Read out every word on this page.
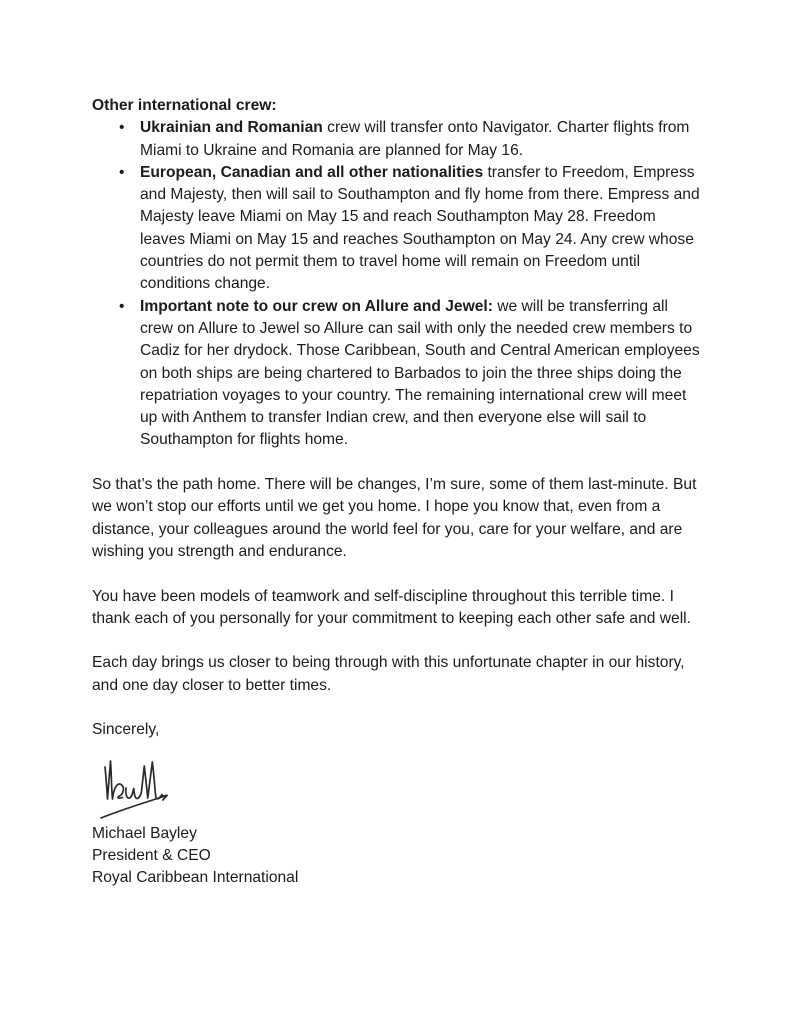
Other international crew:

• Ukrainian and Romanian crew will transfer onto Navigator. Charter flights from Miami to Ukraine and Romania are planned for May 16.
• European, Canadian and all other nationalities transfer to Freedom, Empress and Majesty, then will sail to Southampton and fly home from there. Empress and Majesty leave Miami on May 15 and reach Southampton May 28. Freedom leaves Miami on May 15 and reaches Southampton on May 24. Any crew whose countries do not permit them to travel home will remain on Freedom until conditions change.
• Important note to our crew on Allure and Jewel: we will be transferring all crew on Allure to Jewel so Allure can sail with only the needed crew members to Cadiz for her drydock. Those Caribbean, South and Central American employees on both ships are being chartered to Barbados to join the three ships doing the repatriation voyages to your country. The remaining international crew will meet up with Anthem to transfer Indian crew, and then everyone else will sail to Southampton for flights home.

So that’s the path home. There will be changes, I’m sure, some of them last-minute. But we won’t stop our efforts until we get you home. I hope you know that, even from a distance, your colleagues around the world feel for you, care for your welfare, and are wishing you strength and endurance.

You have been models of teamwork and self-discipline throughout this terrible time. I thank each of you personally for your commitment to keeping each other safe and well.

Each day brings us closer to being through with this unfortunate chapter in our history, and one day closer to better times.

Sincerely,

Michael Bayley

President & CEO

Royal Caribbean International
